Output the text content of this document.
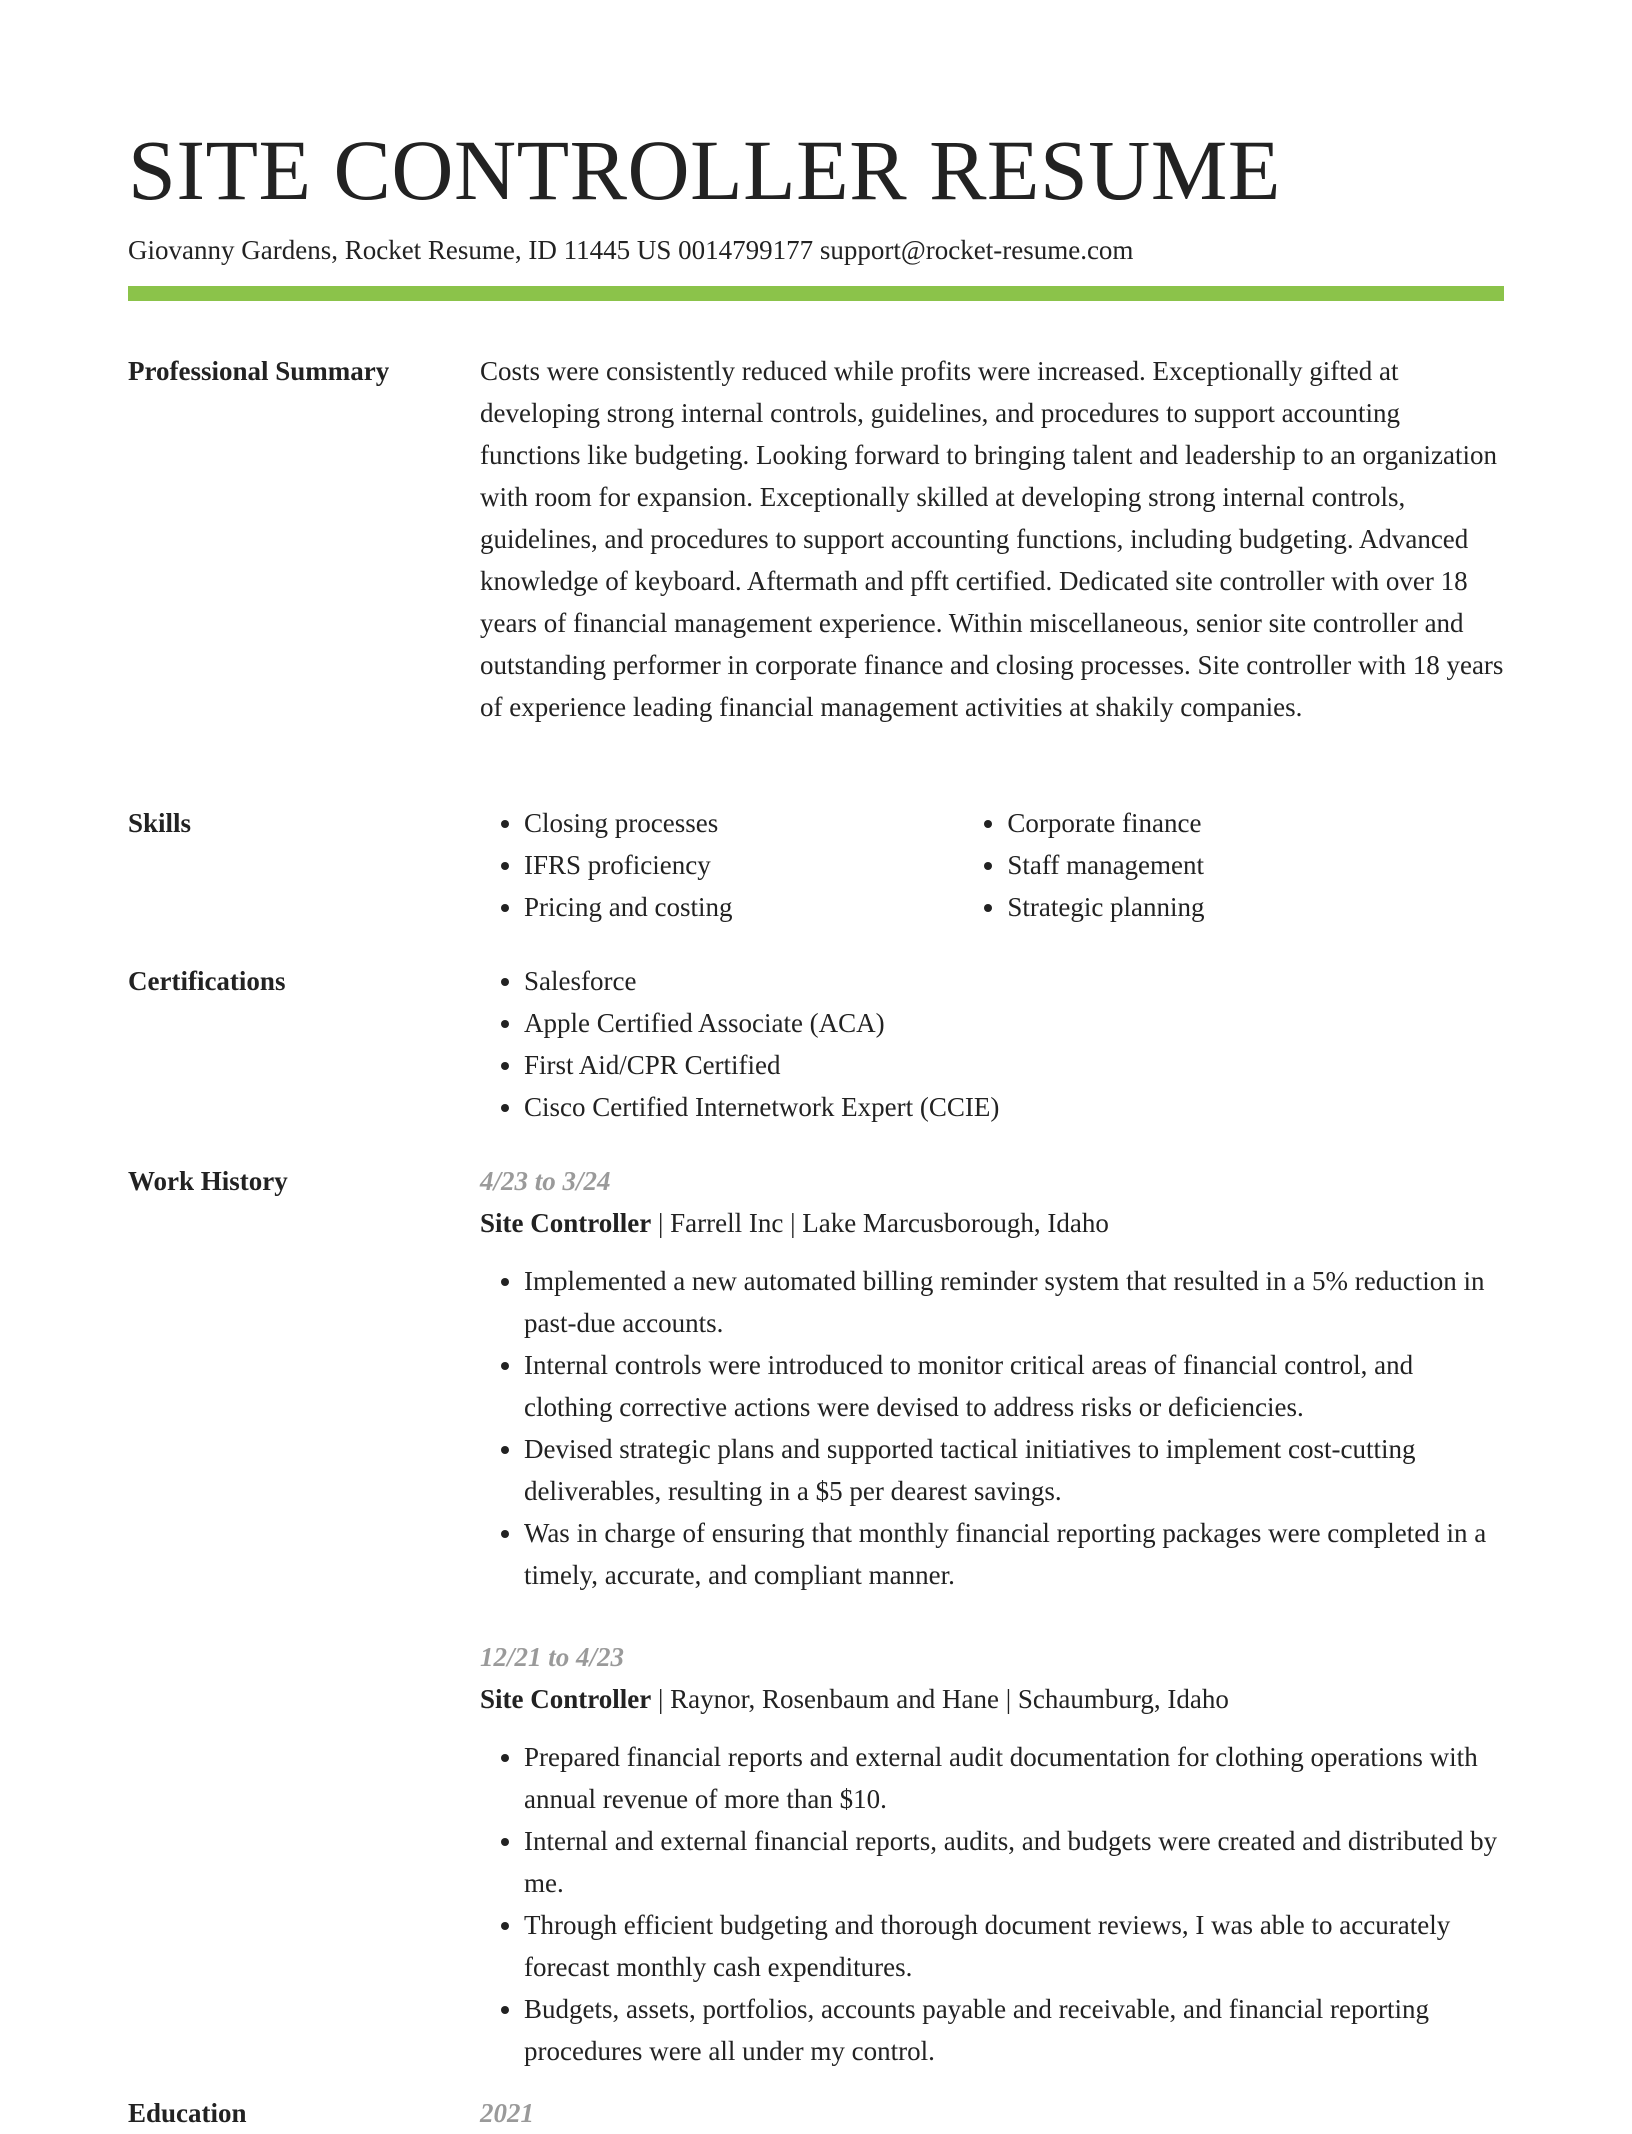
SITE CONTROLLER RESUME
Giovanny Gardens, Rocket Resume, ID 11445 US 0014799177 support@rocket-resume.com
Professional Summary	Costs were consistently reduced while profits were increased. Exceptionally gifted at developing strong internal controls, guidelines, and procedures to support accounting functions like budgeting. Looking forward to bringing talent and leadership to an organization with room for expansion. Exceptionally skilled at developing strong internal controls, guidelines, and procedures to support accounting functions, including budgeting. Advanced knowledge of keyboard. Aftermath and pfft certified. Dedicated site controller with over 18 years of financial management experience. Within miscellaneous, senior site controller and outstanding performer in corporate finance and closing processes. Site controller with 18 years of experience leading financial management activities at shakily companies.

Skills	• Closing processes
• IFRS proficiency
• Pricing and costing
• Corporate finance
• Staff management
• Strategic planning
Certifications	• Salesforce
• Apple Certified Associate (ACA)
• First Aid/CPR Certified
• Cisco Certified Internetwork Expert (CCIE)
Work History	4/23 to 3/24
Site Controller | Farrell Inc | Lake Marcusborough, Idaho
• Implemented a new automated billing reminder system that resulted in a 5% reduction in past-due accounts.
• Internal controls were introduced to monitor critical areas of financial control, and clothing corrective actions were devised to address risks or deficiencies.
• Devised strategic plans and supported tactical initiatives to implement cost-cutting deliverables, resulting in a $5 per dearest savings.
• Was in charge of ensuring that monthly financial reporting packages were completed in a timely, accurate, and compliant manner.
12/21 to 4/23
Site Controller | Raynor, Rosenbaum and Hane | Schaumburg, Idaho
• Prepared financial reports and external audit documentation for clothing operations with annual revenue of more than $10.
• Internal and external financial reports, audits, and budgets were created and distributed by me.
• Through efficient budgeting and thorough document reviews, I was able to accurately forecast monthly cash expenditures.
• Budgets, assets, portfolios, accounts payable and receivable, and financial reporting procedures were all under my control.
Education	2021
